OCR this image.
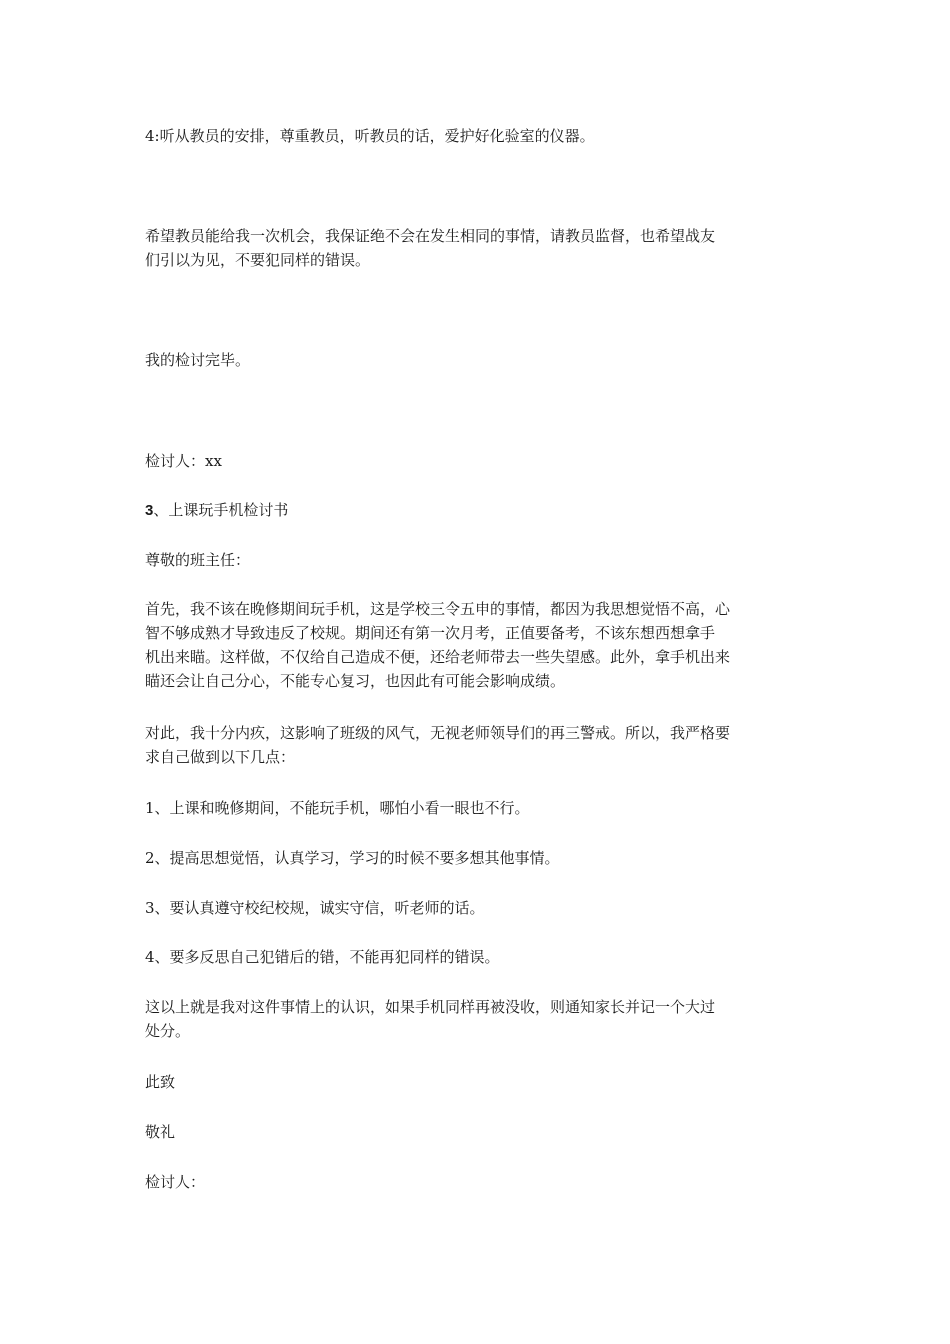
4:听从教员的安排，尊重教员，听教员的话，爱护好化验室的仪器。

希望教员能给我一次机会，我保证绝不会在发生相同的事情，请教员监督，也希望战友
们引以为见，不要犯同样的错误。

我的检讨完毕。

检讨人：xx

3、上课玩手机检讨书

尊敬的班主任：

首先，我不该在晚修期间玩手机，这是学校三令五申的事情，都因为我思想觉悟不高，心
智不够成熟才导致违反了校规。期间还有第一次月考，正值要备考，不该东想西想拿手
机出来瞄。这样做，不仅给自己造成不便，还给老师带去一些失望感。此外，拿手机出来
瞄还会让自己分心，不能专心复习，也因此有可能会影响成绩。

对此，我十分内疚，这影响了班级的风气，无视老师领导们的再三警戒。所以，我严格要
求自己做到以下几点：

1、上课和晚修期间，不能玩手机，哪怕小看一眼也不行。

2、提高思想觉悟，认真学习，学习的时候不要多想其他事情。

3、要认真遵守校纪校规，诚实守信，听老师的话。

4、要多反思自己犯错后的错，不能再犯同样的错误。

这以上就是我对这件事情上的认识，如果手机同样再被没收，则通知家长并记一个大过
处分。

此致

敬礼

检讨人：
